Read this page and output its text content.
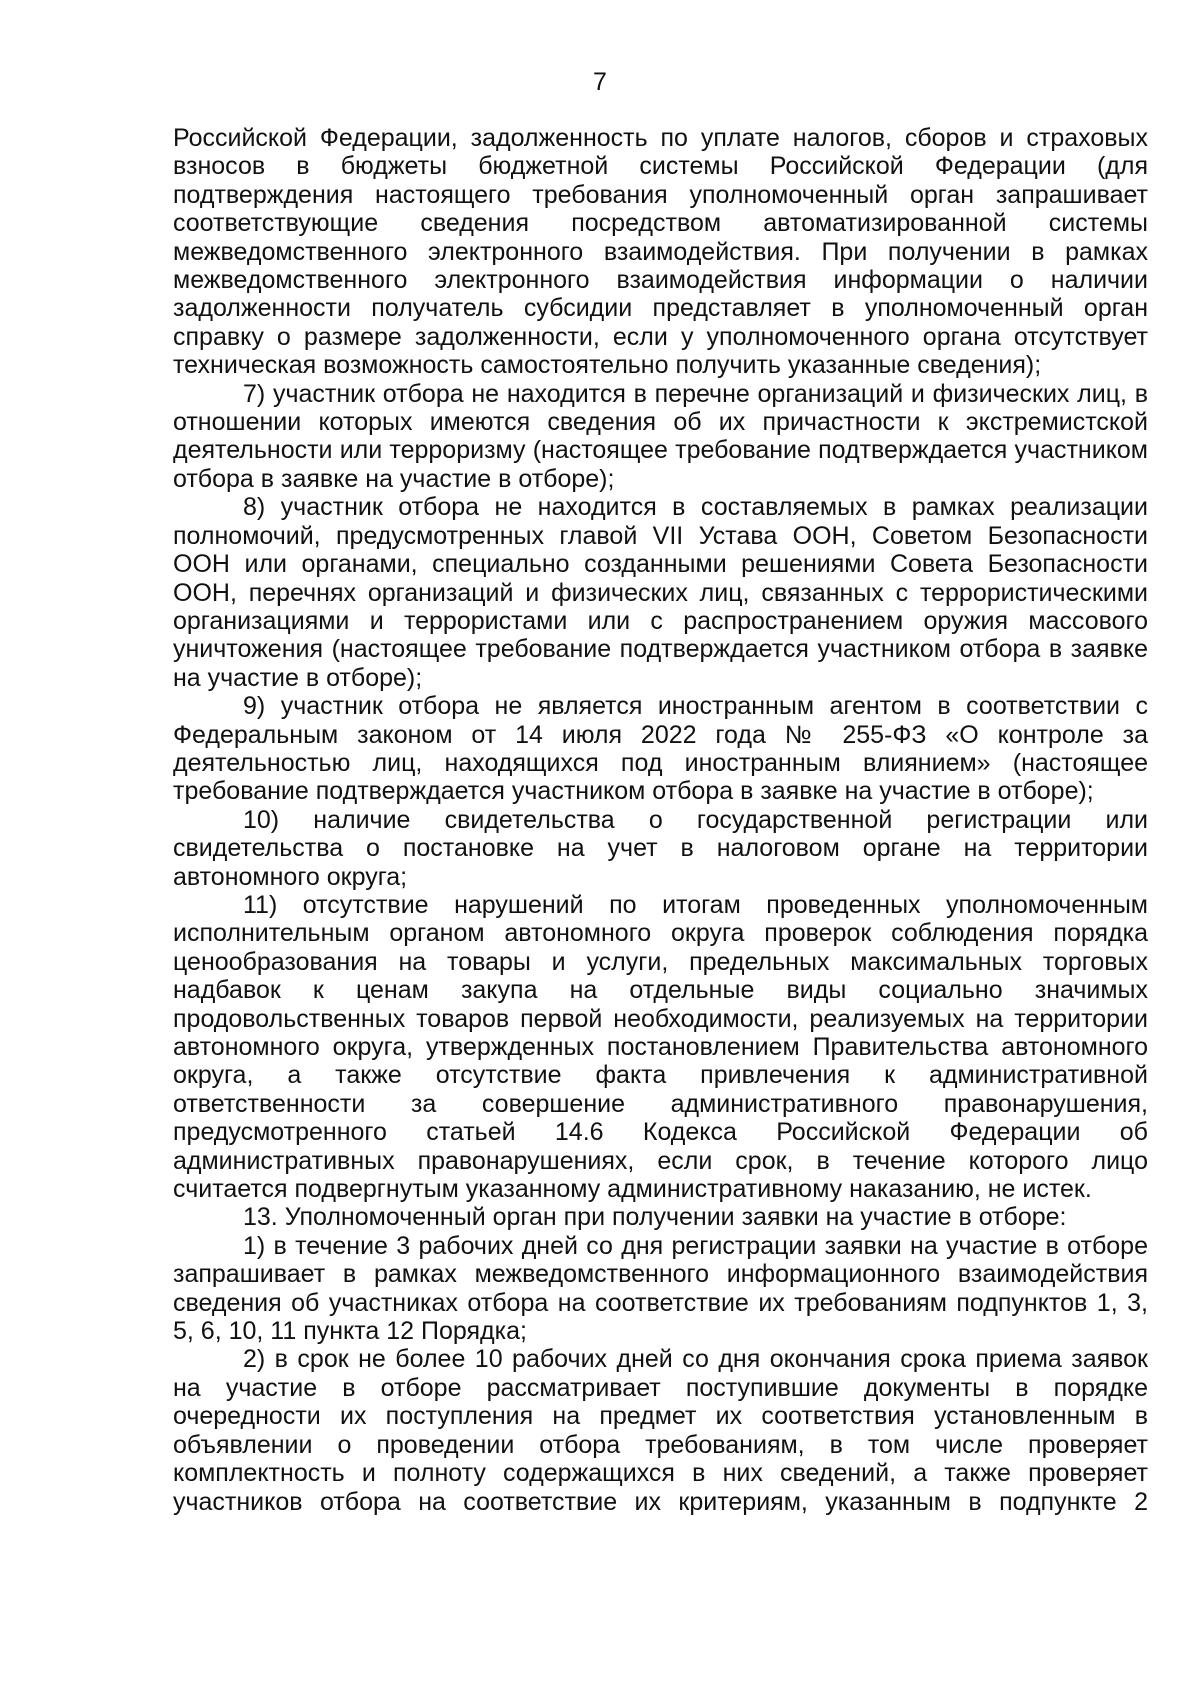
7

Российской Федерации, задолженность по уплате налогов, сборов и страховых взносов в бюджеты бюджетной системы Российской Федерации (для подтверждения настоящего требования уполномоченный орган запрашивает соответствующие сведения посредством автоматизированной системы межведомственного электронного взаимодействия. При получении в рамках межведомственного электронного взаимодействия информации о наличии задолженности получатель субсидии представляет в уполномоченный орган справку о размере задолженности, если у уполномоченного органа отсутствует техническая возможность самостоятельно получить указанные сведения);

7) участник отбора не находится в перечне организаций и физических лиц, в отношении которых имеются сведения об их причастности к экстремистской деятельности или терроризму (настоящее требование подтверждается участником отбора в заявке на участие в отборе);

8) участник отбора не находится в составляемых в рамках реализации полномочий, предусмотренных главой VII Устава ООН, Советом Безопасности ООН или органами, специально созданными решениями Совета Безопасности ООН, перечнях организаций и физических лиц, связанных с террористическими организациями и террористами или с распространением оружия массового уничтожения (настоящее требование подтверждается участником отбора в заявке на участие в отборе);

9) участник отбора не является иностранным агентом в соответствии с Федеральным законом от 14 июля 2022 года № 255-ФЗ «О контроле за деятельностью лиц, находящихся под иностранным влиянием» (настоящее требование подтверждается участником отбора в заявке на участие в отборе);

10) наличие свидетельства о государственной регистрации или свидетельства о постановке на учет в налоговом органе на территории автономного округа;

11) отсутствие нарушений по итогам проведенных уполномоченным исполнительным органом автономного округа проверок соблюдения порядка ценообразования на товары и услуги, предельных максимальных торговых надбавок к ценам закупа на отдельные виды социально значимых продовольственных товаров первой необходимости, реализуемых на территории автономного округа, утвержденных постановлением Правительства автономного округа, а также отсутствие факта привлечения к административной ответственности за совершение административного правонарушения, предусмотренного статьей 14.6 Кодекса Российской Федерации об административных правонарушениях, если срок, в течение которого лицо считается подвергнутым указанному административному наказанию, не истек.

13. Уполномоченный орган при получении заявки на участие в отборе:

1) в течение 3 рабочих дней со дня регистрации заявки на участие в отборе запрашивает в рамках межведомственного информационного взаимодействия сведения об участниках отбора на соответствие их требованиям подпунктов 1, 3, 5, 6, 10, 11 пункта 12 Порядка;

2) в срок не более 10 рабочих дней со дня окончания срока приема заявок на участие в отборе рассматривает поступившие документы в порядке очередности их поступления на предмет их соответствия установленным в объявлении о проведении отбора требованиям, в том числе проверяет комплектность и полноту содержащихся в них сведений, а также проверяет участников отбора на соответствие их критериям, указанным в подпункте 2
